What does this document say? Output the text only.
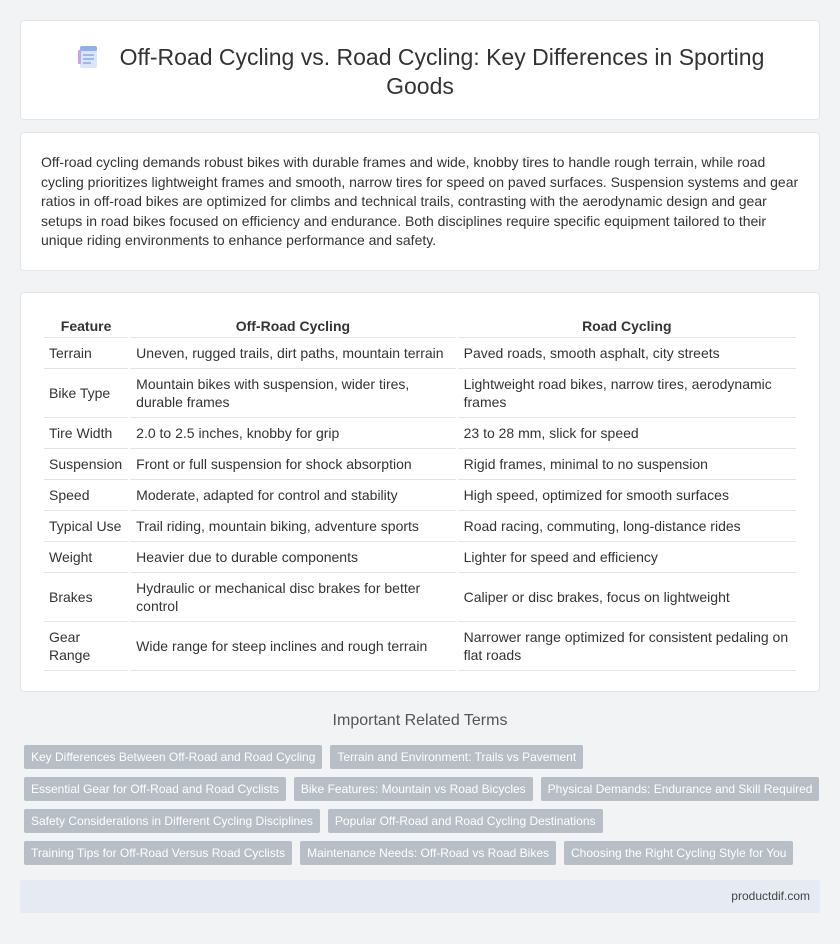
Off-Road Cycling vs. Road Cycling: Key Differences in Sporting Goods

Off-road cycling demands robust bikes with durable frames and wide, knobby tires to handle rough terrain, while road cycling prioritizes lightweight frames and smooth, narrow tires for speed on paved surfaces. Suspension systems and gear ratios in off-road bikes are optimized for climbs and technical trails, contrasting with the aerodynamic design and gear setups in road bikes focused on efficiency and endurance. Both disciplines require specific equipment tailored to their unique riding environments to enhance performance and safety.

Feature	Off-Road Cycling	Road Cycling
Terrain	Uneven, rugged trails, dirt paths, mountain terrain	Paved roads, smooth asphalt, city streets
Bike Type	Mountain bikes with suspension, wider tires, durable frames	Lightweight road bikes, narrow tires, aerodynamic frames
Tire Width	2.0 to 2.5 inches, knobby for grip	23 to 28 mm, slick for speed
Suspension	Front or full suspension for shock absorption	Rigid frames, minimal to no suspension
Speed	Moderate, adapted for control and stability	High speed, optimized for smooth surfaces
Typical Use	Trail riding, mountain biking, adventure sports	Road racing, commuting, long-distance rides
Weight	Heavier due to durable components	Lighter for speed and efficiency
Brakes	Hydraulic or mechanical disc brakes for better control	Caliper or disc brakes, focus on lightweight
Gear Range	Wide range for steep inclines and rough terrain	Narrower range optimized for consistent pedaling on flat roads
Important Related Terms
Key Differences Between Off-Road and Road Cycling	Terrain and Environment: Trails vs Pavement
Essential Gear for Off-Road and Road Cyclists	Bike Features: Mountain vs Road Bicycles	Physical Demands: Endurance and Skill Required
Safety Considerations in Different Cycling Disciplines	Popular Off-Road and Road Cycling Destinations
Training Tips for Off-Road Versus Road Cyclists	Maintenance Needs: Off-Road vs Road Bikes	Choosing the Right Cycling Style for You
productdif.com
